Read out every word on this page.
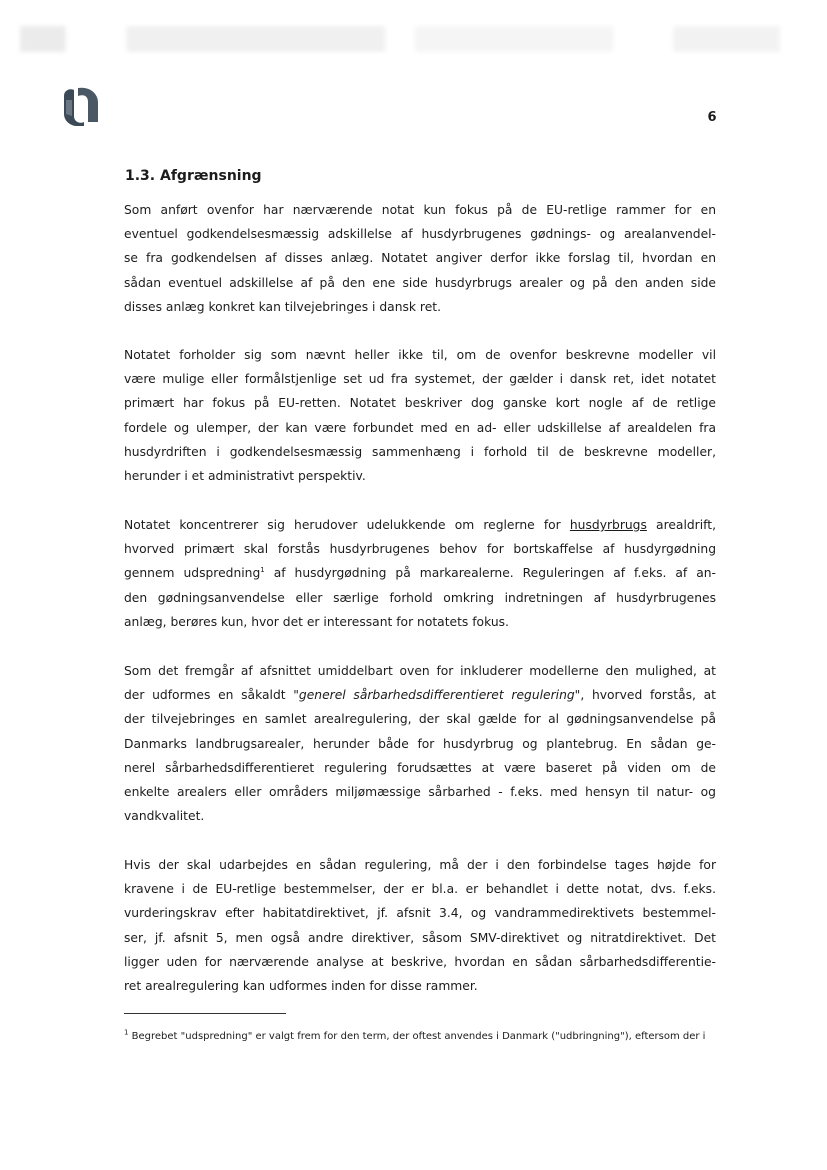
6
1.3. Afgrænsning

Som anført ovenfor har nærværende notat kun fokus på de EU-retlige rammer for en
eventuel godkendelsesmæssig adskillelse af husdyrbrugenes gødnings- og arealanvendel-
se fra godkendelsen af disses anlæg. Notatet angiver derfor ikke forslag til, hvordan en
sådan eventuel adskillelse af på den ene side husdyrbrugs arealer og på den anden side
disses anlæg konkret kan tilvejebringes i dansk ret.

Notatet forholder sig som nævnt heller ikke til, om de ovenfor beskrevne modeller vil
være mulige eller formålstjenlige set ud fra systemet, der gælder i dansk ret, idet notatet
primært har fokus på EU-retten. Notatet beskriver dog ganske kort nogle af de retlige
fordele og ulemper, der kan være forbundet med en ad- eller udskillelse af arealdelen fra
husdyrdriften i godkendelsesmæssig sammenhæng i forhold til de beskrevne modeller,
herunder i et administrativt perspektiv.

Notatet koncentrerer sig herudover udelukkende om reglerne for husdyrbrugs arealdrift,
hvorved primært skal forstås husdyrbrugenes behov for bortskaffelse af husdyrgødning
gennem udspredning$^1$ af husdyrgødning på markarealerne. Reguleringen af f.eks. af an-
den gødningsanvendelse eller særlige forhold omkring indretningen af husdyrbrugenes
anlæg, berøres kun, hvor det er interessant for notatets fokus.

Som det fremgår af afsnittet umiddelbart oven for inkluderer modellerne den mulighed, at
der udformes en såkaldt "generel sårbarhedsdifferentieret regulering", hvorved forstås, at
der tilvejebringes en samlet arealregulering, der skal gælde for al gødningsanvendelse på
Danmarks landbrugsarealer, herunder både for husdyrbrug og plantebrug. En sådan ge-
nerel sårbarhedsdifferentieret regulering forudsættes at være baseret på viden om de
enkelte arealers eller områders miljømæssige sårbarhed - f.eks. med hensyn til natur- og
vandkvalitet.

Hvis der skal udarbejdes en sådan regulering, må der i den forbindelse tages højde for
kravene i de EU-retlige bestemmelser, der er bl.a. er behandlet i dette notat, dvs. f.eks.
vurderingskrav efter habitatdirektivet, jf. afsnit 3.4, og vandrammedirektivets bestemmel-
ser, jf. afsnit 5, men også andre direktiver, såsom SMV-direktivet og nitratdirektivet. Det
ligger uden for nærværende analyse at beskrive, hvordan en sådan sårbarhedsdifferentie-
ret arealregulering kan udformes inden for disse rammer.

$^1$ Begrebet "udspredning" er valgt frem for den term, der oftest anvendes i Danmark ("udbringning"), eftersom der i
